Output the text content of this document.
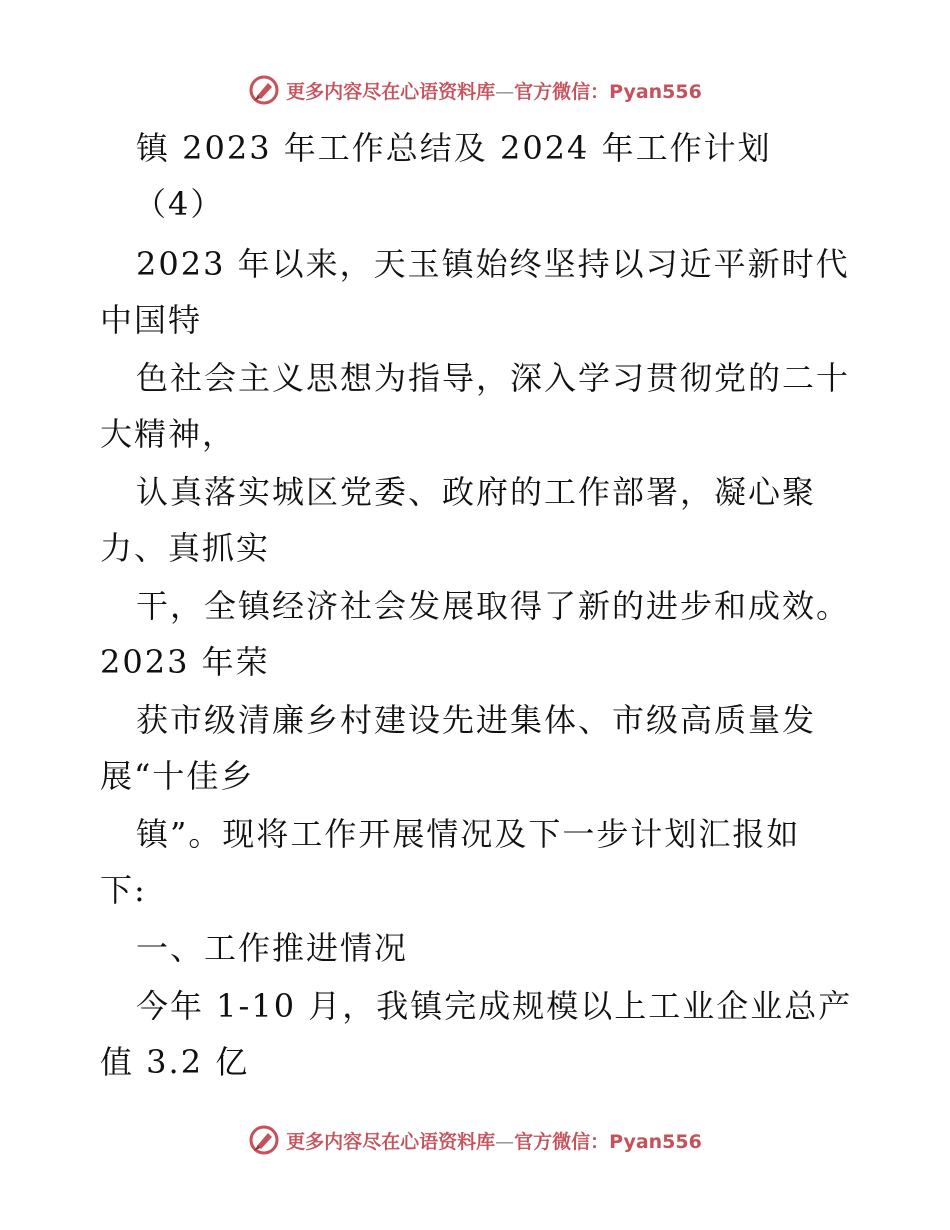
更多内容尽在心语资料库—官方微信：Pyan556
镇 2023 年工作总结及 2024 年工作计划
（4）
2023 年以来，天玉镇始终坚持以习近平新时代
中国特
色社会主义思想为指导，深入学习贯彻党的二十
大精神，
认真落实城区党委、政府的工作部署，凝心聚
力、真抓实
干，全镇经济社会发展取得了新的进步和成效。
2023 年荣
获市级清廉乡村建设先进集体、市级高质量发
展“十佳乡
镇”。现将工作开展情况及下一步计划汇报如
下:
一、工作推进情况
今年 1-10 月，我镇完成规模以上工业企业总产
值 3.2 亿
更多内容尽在心语资料库—官方微信：Pyan556
